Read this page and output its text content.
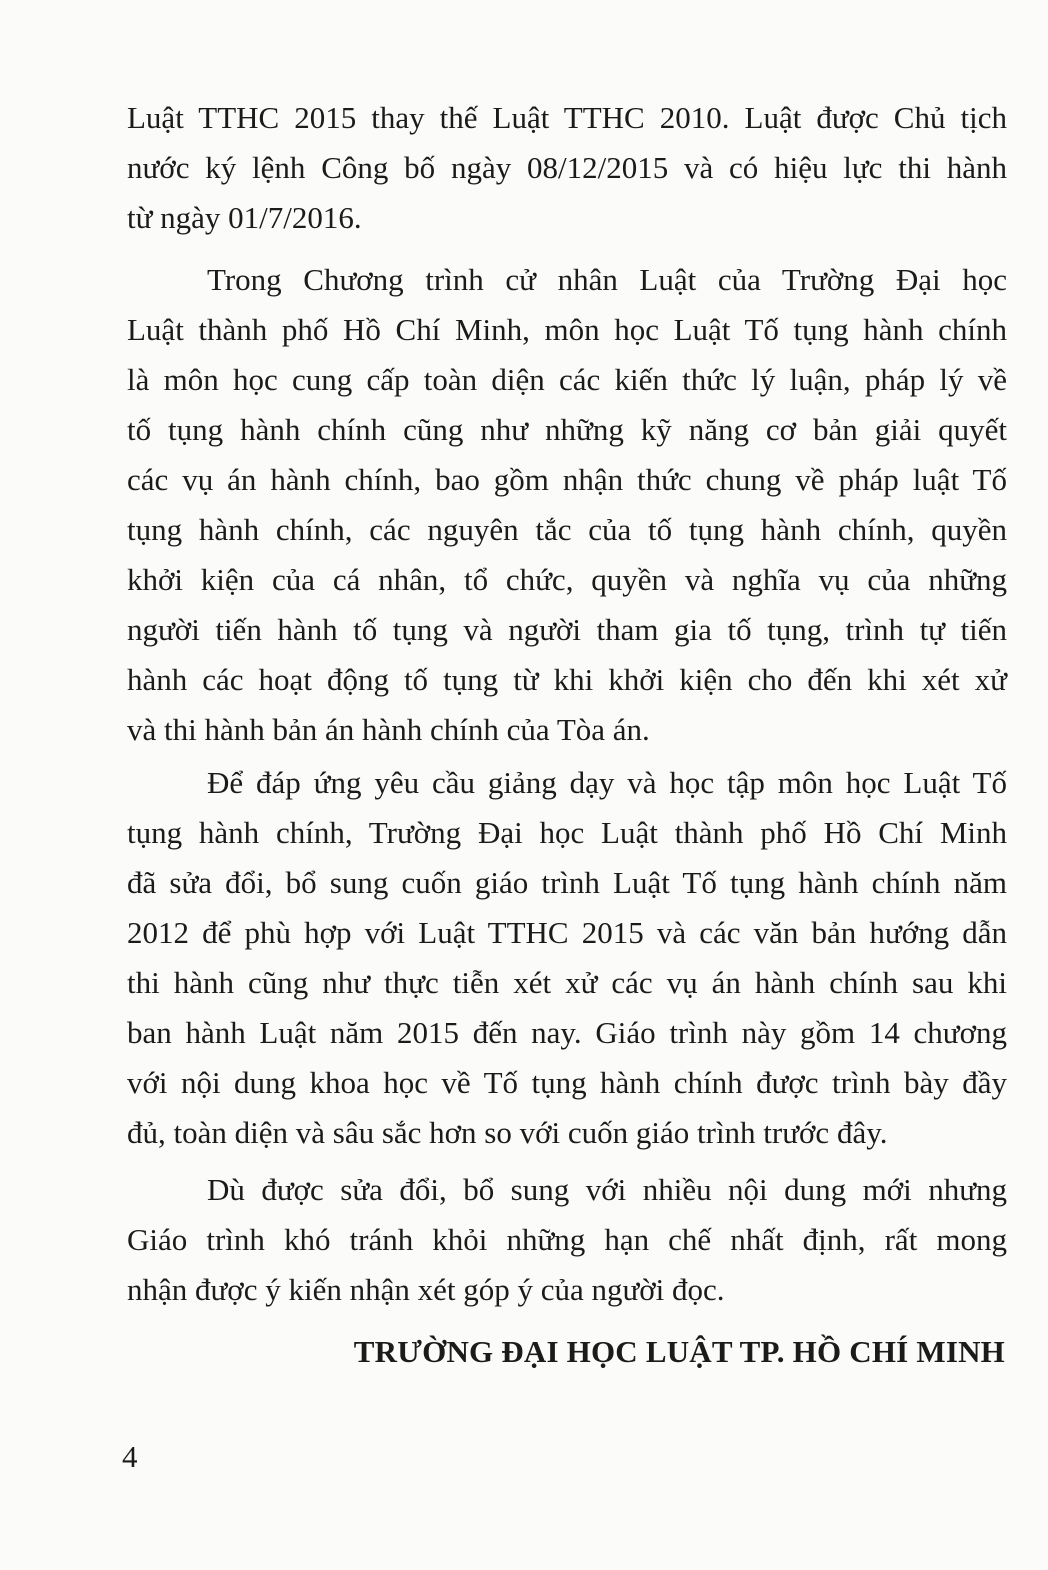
Luật TTHC 2015 thay thế Luật TTHC 2010. Luật được Chủ tịch
nước ký lệnh Công bố ngày 08/12/2015 và có hiệu lực thi hành
từ ngày 01/7/2016.
Trong Chương trình cử nhân Luật của Trường Đại học
Luật thành phố Hồ Chí Minh, môn học Luật Tố tụng hành chính
là môn học cung cấp toàn diện các kiến thức lý luận, pháp lý về
tố tụng hành chính cũng như những kỹ năng cơ bản giải quyết
các vụ án hành chính, bao gồm nhận thức chung về pháp luật Tố
tụng hành chính, các nguyên tắc của tố tụng hành chính, quyền
khởi kiện của cá nhân, tổ chức, quyền và nghĩa vụ của những
người tiến hành tố tụng và người tham gia tố tụng, trình tự tiến
hành các hoạt động tố tụng từ khi khởi kiện cho đến khi xét xử
và thi hành bản án hành chính của Tòa án.
Để đáp ứng yêu cầu giảng dạy và học tập môn học Luật Tố
tụng hành chính, Trường Đại học Luật thành phố Hồ Chí Minh
đã sửa đổi, bổ sung cuốn giáo trình Luật Tố tụng hành chính năm
2012 để phù hợp với Luật TTHC 2015 và các văn bản hướng dẫn
thi hành cũng như thực tiễn xét xử các vụ án hành chính sau khi
ban hành Luật năm 2015 đến nay. Giáo trình này gồm 14 chương
với nội dung khoa học về Tố tụng hành chính được trình bày đầy
đủ, toàn diện và sâu sắc hơn so với cuốn giáo trình trước đây.
Dù được sửa đổi, bổ sung với nhiều nội dung mới nhưng
Giáo trình khó tránh khỏi những hạn chế nhất định, rất mong
nhận được ý kiến nhận xét góp ý của người đọc.
TRƯỜNG ĐẠI HỌC LUẬT TP. HỒ CHÍ MINH
4
